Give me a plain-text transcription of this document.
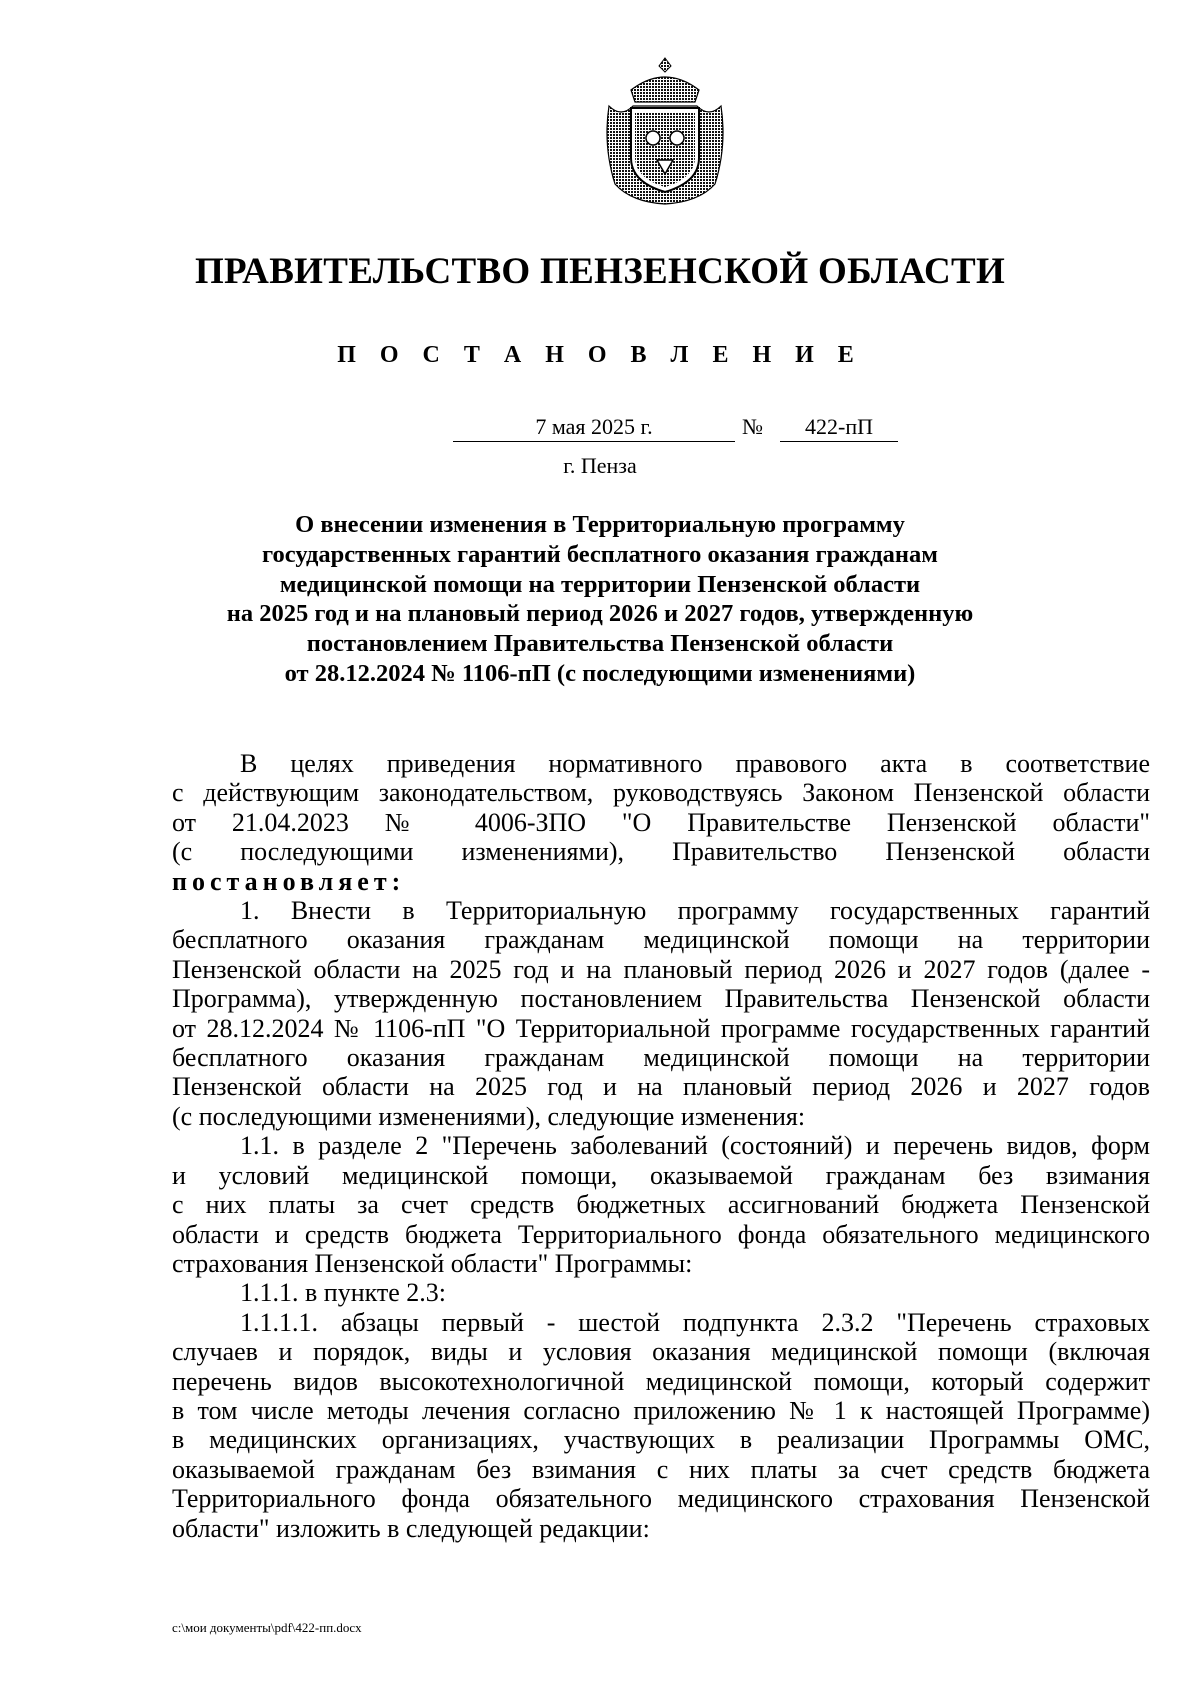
ПРАВИТЕЛЬСТВО ПЕНЗЕНСКОЙ ОБЛАСТИ
П О С Т А Н О В Л Е Н И Е
7 мая 2025 г.	№	422-пП
г. Пенза
О внесении изменения в Территориальную программу
государственных гарантий бесплатного оказания гражданам
медицинской помощи на территории Пензенской области
на 2025 год и на плановый период 2026 и 2027 годов, утвержденную
постановлением Правительства Пензенской области
от 28.12.2024 № 1106-пП (с последующими изменениями)
В целях приведения нормативного правового акта в соответствие
с действующим законодательством, руководствуясь Законом Пензенской области
от 21.04.2023 № 4006-ЗПО "О Правительстве Пензенской области"
(с последующими изменениями), Правительство Пензенской области
постановляет:
1. Внести в Территориальную программу государственных гарантий
бесплатного оказания гражданам медицинской помощи на территории
Пензенской области на 2025 год и на плановый период 2026 и 2027 годов (далее -
Программа), утвержденную постановлением Правительства Пензенской области
от 28.12.2024 № 1106-пП "О Территориальной программе государственных гарантий
бесплатного оказания гражданам медицинской помощи на территории
Пензенской области на 2025 год и на плановый период 2026 и 2027 годов
(с последующими изменениями), следующие изменения:
1.1. в разделе 2 "Перечень заболеваний (состояний) и перечень видов, форм
и условий медицинской помощи, оказываемой гражданам без взимания
с них платы за счет средств бюджетных ассигнований бюджета Пензенской
области и средств бюджета Территориального фонда обязательного медицинского
страхования Пензенской области" Программы:
1.1.1. в пункте 2.3:
1.1.1.1. абзацы первый - шестой подпункта 2.3.2 "Перечень страховых
случаев и порядок, виды и условия оказания медицинской помощи (включая
перечень видов высокотехнологичной медицинской помощи, который содержит
в том числе методы лечения согласно приложению № 1 к настоящей Программе)
в медицинских организациях, участвующих в реализации Программы ОМС,
оказываемой гражданам без взимания с них платы за счет средств бюджета
Территориального фонда обязательного медицинского страхования Пензенской
области" изложить в следующей редакции:
c:\мои документы\pdf\422-пп.docx
